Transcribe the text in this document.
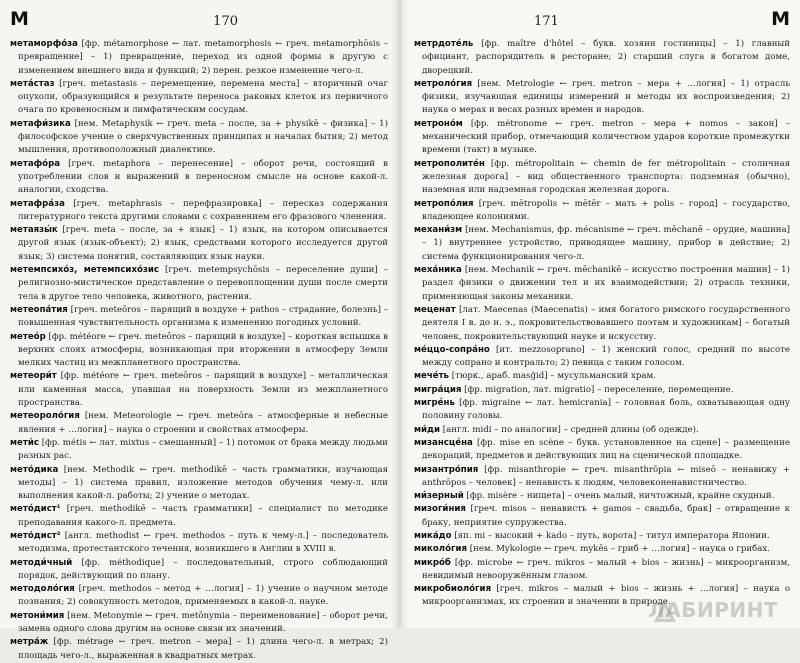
М	170

метаморфо́за [фр. métamorphose ← лат. metamorphosis ← греч. metamorphōsis – превращение] – 1) превращение, переход из одной формы в другую с изменением внешнего вида и функций; 2) перен. резкое изменение чего-л.

мета́стаз [греч. metastasis – перемещение, перемена места] – вторичный очаг опухоли, образующийся в результате переноса раковых клеток из первичного очага по кровеносным и лимфатическим сосудам.

метафи́зика [нем. Metaphysik ← греч. meta – после, за + physikē – физика] – 1) философское учение о сверхчувственных принципах и началах бытия; 2) метод мышления, противоположный диалектике.

метафо́ра [греч. metaphora – перенесение] – оборот речи, состоящий в употреблении слов и выражений в переносном смысле на основе какой-л. аналогии, сходства.

метафра́за [греч. metaphrasis – перефразировка] – пересказ содержания литературного текста другими словами с сохранением его фразового членения.

метаязы́к [греч. meta – после, за + язык] – 1) язык, на котором описывается другой язык (язык-объект); 2) язык, средствами которого исследуется другой язык; 3) система понятий, составляющих язык науки.

метемпсихо́з, метемпсихо́зис [греч. metempsychōsis – переселение души] – религиозно-мистическое представление о перевоплощении души после смерти тела в другое тело человека, животного, растения.

метеопа́тия [греч. meteōros – парящий в воздухе + pathos – страдание, болезнь] – повышенная чувствительность организма к изменению погодных условий.

метео́р [фр. météore ← греч. meteōros – парящий в воздухе] – короткая вспышка в верхних слоях атмосферы, возникающая при вторжении в атмосферу Земли мелких частиц из межпланетного пространства.

метеори́т [фр. météore ← греч. meteōros – парящий в воздухе] – металлическая или каменная масса, упавшая на поверхность Земли из межпланетного пространства.

метеороло́гия [нем. Meteorologie ← греч. meteōra – атмосферные и небесные явления + …логия] – наука о строении и свойствах атмосферы.

мети́с [фр. métis ← лат. mixtus – смешанный] – 1) потомок от брака между людьми разных рас.

мето́дика [нем. Methodik ← греч. methodikē – часть грамматики, изучающая методы] – 1) система правил, изложение методов обучения чему-л. или выполнения какой-л. работы; 2) учение о методах.

мето́дист¹ [греч. methodikē – часть грамматики] – специалист по методике преподавания какого-л. предмета.

мето́дист² [англ. methodist ← греч. methodos – путь к чему-л.] – последователь методизма, протестантского течения, возникшего в Англии в XVIII в.

методи́чный [фр. méthodique] – последовательный, строго соблюдающий порядок, действующий по плану.

методоло́гия [греч. methodos – метод + …логия] – 1) учение о научном методе познания; 2) совокупность методов, применяемых в какой-л. науке.

метони́мия [нем. Metonymie ← греч. metōnymia – переименование] – оборот речи, замена одного слова другим на основе связи их значений.

метра́ж [фр. métrage ← греч. metron – мера] – 1) длина чего-л. в метрах; 2) площадь чего-л., выраженная в квадратных метрах.

171	М

метрдоте́ль [фр. maître d'hôtel – букв. хозяин гостиницы] – 1) главный официант, распорядитель в ресторане; 2) старший слуга в богатом доме, дворецкий.

метроло́гия [нем. Metrologie ← греч. metron – мера + …логия] – 1) отрасль физики, изучающая единицы измерений и методы их воспроизведения; 2) наука о мерах и весах разных времен и народов.

метроно́м [фр. métronome ← греч. metron – мера + nomos – закон] – механический прибор, отмечающий количеством ударов короткие промежутки времени (такт) в музыке.

метрополите́н [фр. métropolitain ← chemin de fer métropolitain – столичная железная дорога] – вид общественного транспорта: подземная (обычно), наземная или надземная городская железная дорога.

метропо́лия [греч. mētropolis ← mētēr – мать + polis – город] – государство, владеющее колониями.

механи́зм [нем. Mechanismus, фр. mécanisme ← греч. mēchanē – орудие, машина] – 1) внутреннее устройство, приводящее машину, прибор в действие; 2) система функционирования чего-л.

меха́ника [нем. Mechanik ← греч. mēchanikē – искусство построения машин] – 1) раздел физики о движении тел и их взаимодействии; 2) отрасль техники, применяющая законы механики.

меценат [лат. Maecenas (Maecenatis) – имя богатого римского государственного деятеля I в. до н. э., покровительствовавшего поэтам и художникам] – богатый человек, покровительствующий науке и искусству.

ме́ццо-сопра́но [ит. mezzosoprano] – 1) женский голос, средний по высоте между сопрано и контральто; 2) певица с таким голосом.

мече́ть [тюрк., араб. masğid] – мусульманский храм.

мигра́ция [фр. migration, лат. migratio] – переселение, перемещение.

мигре́нь [фр. migraine ← лат. hemicrania] – головная боль, охватывающая одну половину головы.

ми́ди [англ. midi – по аналогии] – средней длины (об одежде).

мизансце́на [фр. mise en scène – букв. установленное на сцене] – размещение декораций, предметов и действующих лиц на сценической площадке.

мизантро́пия [фр. misanthropie ← греч. misanthrōpia ← miseō – ненавижу + anthrōpos – человек] – ненависть к людям, человеконенавистничество.

ми́зерный [фр. misère – нищета] – очень малый, ничтожный, крайне скудный.

мизоги́ния [греч. misos – ненависть + gamos – свадьба, брак] – отвращение к браку, неприятие супружества.

мика́до [яп. mi – высокий + kado – путь, ворота] – титул императора Японии.

миколо́гия [нем. Mykologie ← греч. mykēs – гриб + …логия] – наука о грибах.

микро́б [фр. microbe ← греч. mikros – малый + bios – жизнь] – микроорганизм, невидимый невооружённым глазом.

микробиоло́гия [греч. mikros – малый + bios – жизнь + …логия] – наука о микроорганизмах, их строении и значении в природе.

ЛАБИРИНТ
